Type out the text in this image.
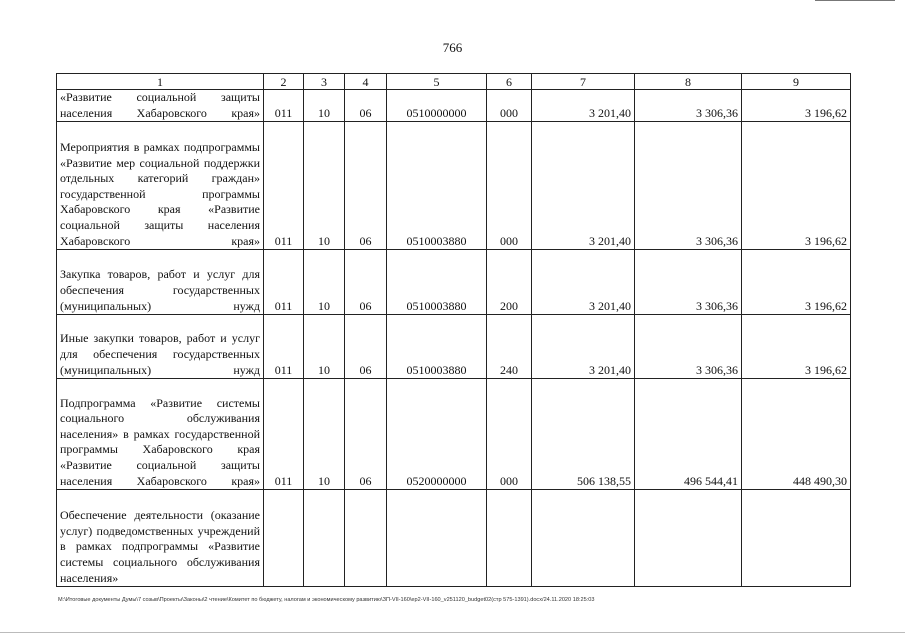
766
1	2	3	4	5	6	7	8	9
«Развитие социальной защиты населения Хабаровского края»	011	10	06	0510000000	000	3 201,40	3 306,36	3 196,62
Мероприятия в рамках подпрограммы «Развитие мер социальной поддержки отдельных категорий граждан» государственной программы Хабаровского края «Развитие социальной защиты населения Хабаровского края»	011	10	06	0510003880	000	3 201,40	3 306,36	3 196,62
Закупка товаров, работ и услуг для обеспечения государственных (муниципальных) нужд	011	10	06	0510003880	200	3 201,40	3 306,36	3 196,62
Иные закупки товаров, работ и услуг для обеспечения государственных (муниципальных) нужд	011	10	06	0510003880	240	3 201,40	3 306,36	3 196,62
Подпрограмма «Развитие системы социального обслуживания населения» в рамках государственной программы Хабаровского края «Развитие социальной защиты населения Хабаровского края»	011	10	06	0520000000	000	506 138,55	496 544,41	448 490,30
Обеспечение деятельности (оказание услуг) подведомственных учреждений в рамках подпрограммы «Развитие системы социального обслуживания населения»								
M:\Итоговые документы Думы\7 созыв\Проекты\Законы\2 чтение\Комитет по бюджету, налогам и экономическому развитию\ЗП-VII-160\ep2-VII-160_v251120_budget02(стр 575-1391).docx/24.11.2020 18:25:03
